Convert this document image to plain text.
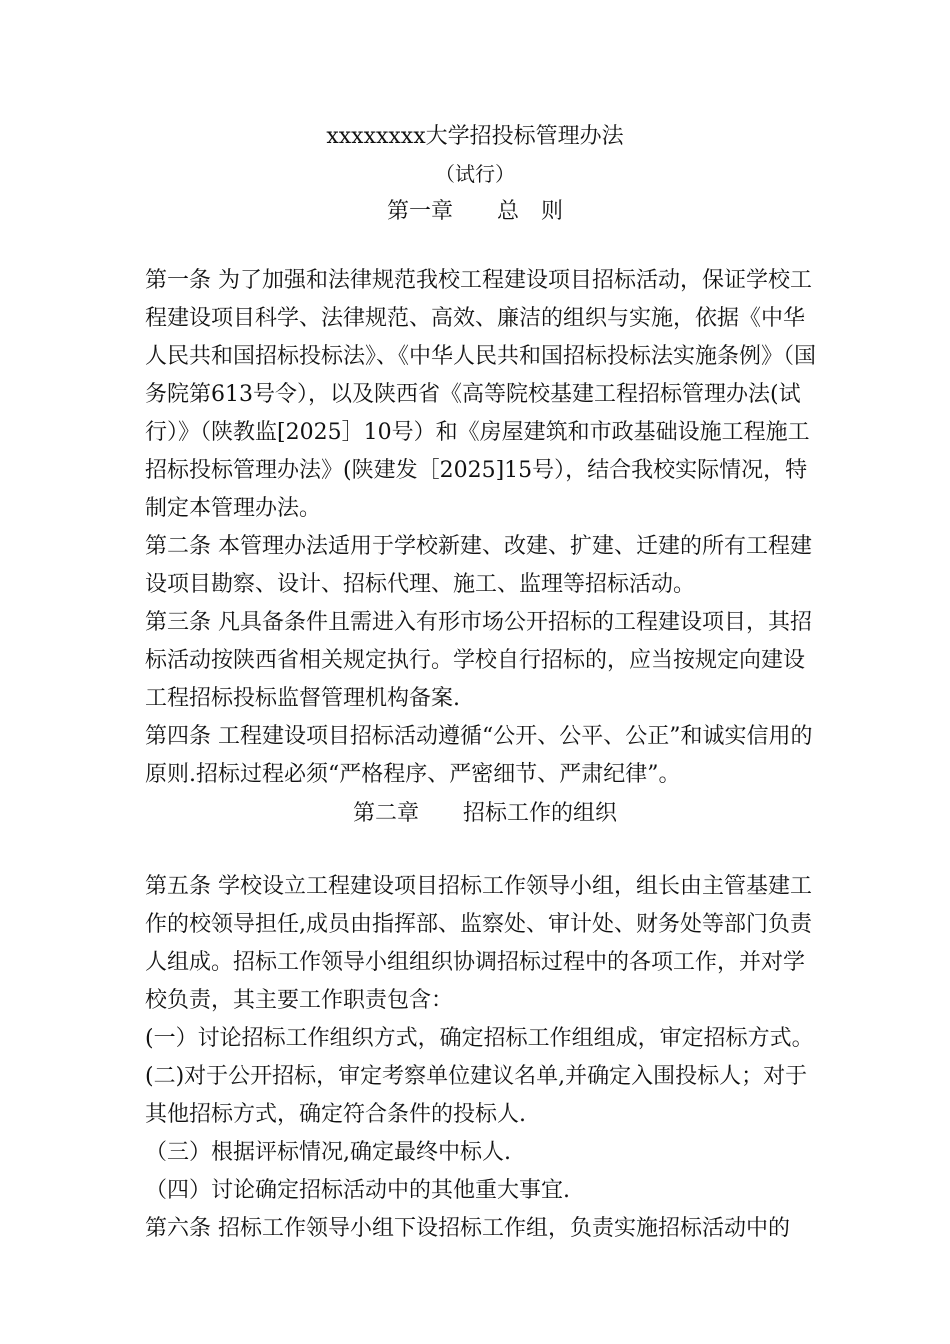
xxxxxxxx大学招投标管理办法
（试行）
第一章　　总　则

第一条 为了加强和法律规范我校工程建设项目招标活动，保证学校工程建设项目科学、法律规范、高效、廉洁的组织与实施，依据《中华人民共和国招标投标法》、《中华人民共和国招标投标法实施条例》（国务院第613号令），以及陕西省《高等院校基建工程招标管理办法(试行）》（陕教监[2025］10号）和《房屋建筑和市政基础设施工程施工招标投标管理办法》(陕建发［2025]15号），结合我校实际情况，特制定本管理办法。

第二条 本管理办法适用于学校新建、改建、扩建、迁建的所有工程建设项目勘察、设计、招标代理、施工、监理等招标活动。

第三条 凡具备条件且需进入有形市场公开招标的工程建设项目，其招标活动按陕西省相关规定执行。学校自行招标的，应当按规定向建设工程招标投标监督管理机构备案.

第四条 工程建设项目招标活动遵循“公开、公平、公正”和诚实信用的原则.招标过程必须“严格程序、严密细节、严肃纪律”。

第二章　　招标工作的组织

第五条 学校设立工程建设项目招标工作领导小组，组长由主管基建工作的校领导担任,成员由指挥部、监察处、审计处、财务处等部门负责人组成。招标工作领导小组组织协调招标过程中的各项工作，并对学校负责，其主要工作职责包含：

(一）讨论招标工作组织方式，确定招标工作组组成，审定招标方式。

(二)对于公开招标，审定考察单位建议名单,并确定入围投标人；对于其他招标方式，确定符合条件的投标人.

（三）根据评标情况,确定最终中标人.

（四）讨论确定招标活动中的其他重大事宜.

第六条 招标工作领导小组下设招标工作组，负责实施招标活动中的
